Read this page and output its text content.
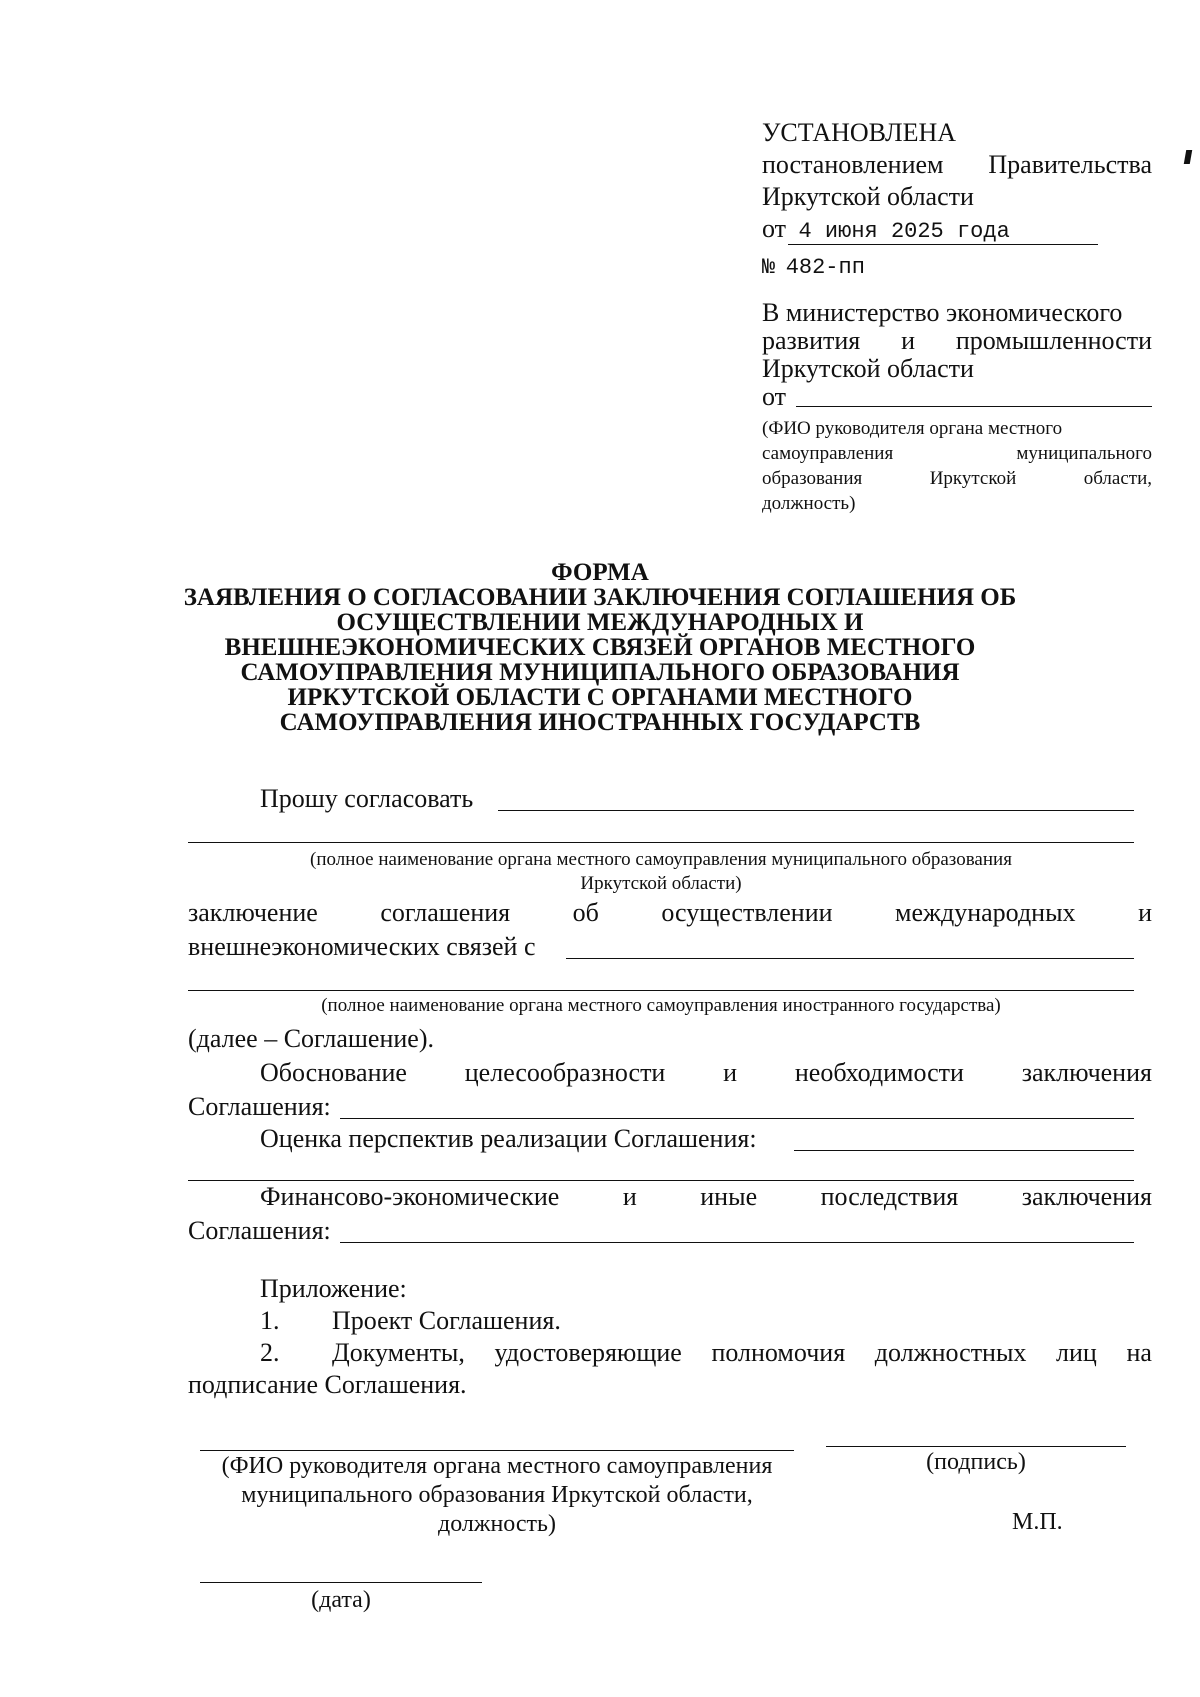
УСТАНОВЛЕНА
постановлением Правительства
Иркутской области
от 4 июня 2025 года
№ 482-пп
В министерство экономического
развития и промышленности
Иркутской области
от
(ФИО руководителя органа местного
самоуправления	муниципального
образования	Иркутской	области,
должность)
ФОРМА
ЗАЯВЛЕНИЯ О СОГЛАСОВАНИИ ЗАКЛЮЧЕНИЯ СОГЛАШЕНИЯ ОБ
ОСУЩЕСТВЛЕНИИ МЕЖДУНАРОДНЫХ И
ВНЕШНЕЭКОНОМИЧЕСКИХ СВЯЗЕЙ ОРГАНОВ МЕСТНОГО
САМОУПРАВЛЕНИЯ МУНИЦИПАЛЬНОГО ОБРАЗОВАНИЯ
ИРКУТСКОЙ ОБЛАСТИ С ОРГАНАМИ МЕСТНОГО
САМОУПРАВЛЕНИЯ ИНОСТРАННЫХ ГОСУДАРСТВ
Прошу согласовать
(полное наименование органа местного самоуправления муниципального образования
Иркутской области)
заключение соглашения об осуществлении международных и
внешнеэкономических связей с
(полное наименование органа местного самоуправления иностранного государства)
(далее – Соглашение).
Обоснование целесообразности и необходимости заключения
Соглашения:
Оценка перспектив реализации Соглашения:
Финансово-экономические и иные последствия заключения
Соглашения:
Приложение:
1. Проект Соглашения.
2. Документы, удостоверяющие полномочия должностных лиц на
подписание Соглашения.
(ФИО руководителя органа местного самоуправления
муниципального образования Иркутской области,
должность)
(подпись)
М.П.
(дата)
